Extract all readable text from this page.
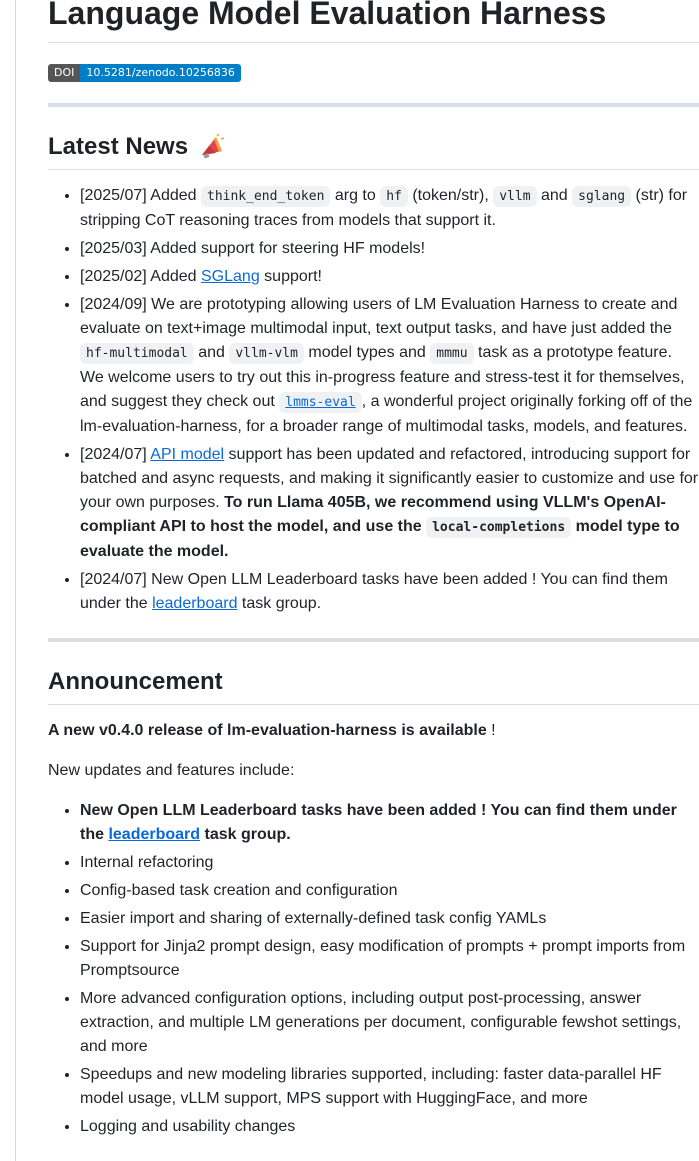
Language Model Evaluation Harness
DOI	10.5281/zenodo.10256836
Latest News
• [2025/07] Added think_end_token arg to hf (token/str), vllm and sglang (str) for stripping CoT reasoning traces from models that support it.
• [2025/03] Added support for steering HF models!
• [2025/02] Added SGLang support!
• [2024/09] We are prototyping allowing users of LM Evaluation Harness to create and evaluate on text+image multimodal input, text output tasks, and have just added the hf-multimodal and vllm-vlm model types and mmmu task as a prototype feature. We welcome users to try out this in-progress feature and stress-test it for themselves, and suggest they check out lmms-eval , a wonderful project originally forking off of the lm-evaluation-harness, for a broader range of multimodal tasks, models, and features.
• [2024/07] API model support has been updated and refactored, introducing support for batched and async requests, and making it significantly easier to customize and use for your own purposes. To run Llama 405B, we recommend using VLLM's OpenAI-compliant API to host the model, and use the local-completions model type to evaluate the model.
• [2024/07] New Open LLM Leaderboard tasks have been added ! You can find them under the leaderboard task group.
Announcement

A new v0.4.0 release of lm-evaluation-harness is available !

New updates and features include:

• New Open LLM Leaderboard tasks have been added ! You can find them under the leaderboard task group.
• Internal refactoring
• Config-based task creation and configuration
• Easier import and sharing of externally-defined task config YAMLs
• Support for Jinja2 prompt design, easy modification of prompts + prompt imports from Promptsource
• More advanced configuration options, including output post-processing, answer extraction, and multiple LM generations per document, configurable fewshot settings, and more
• Speedups and new modeling libraries supported, including: faster data-parallel HF model usage, vLLM support, MPS support with HuggingFace, and more
• Logging and usability changes
